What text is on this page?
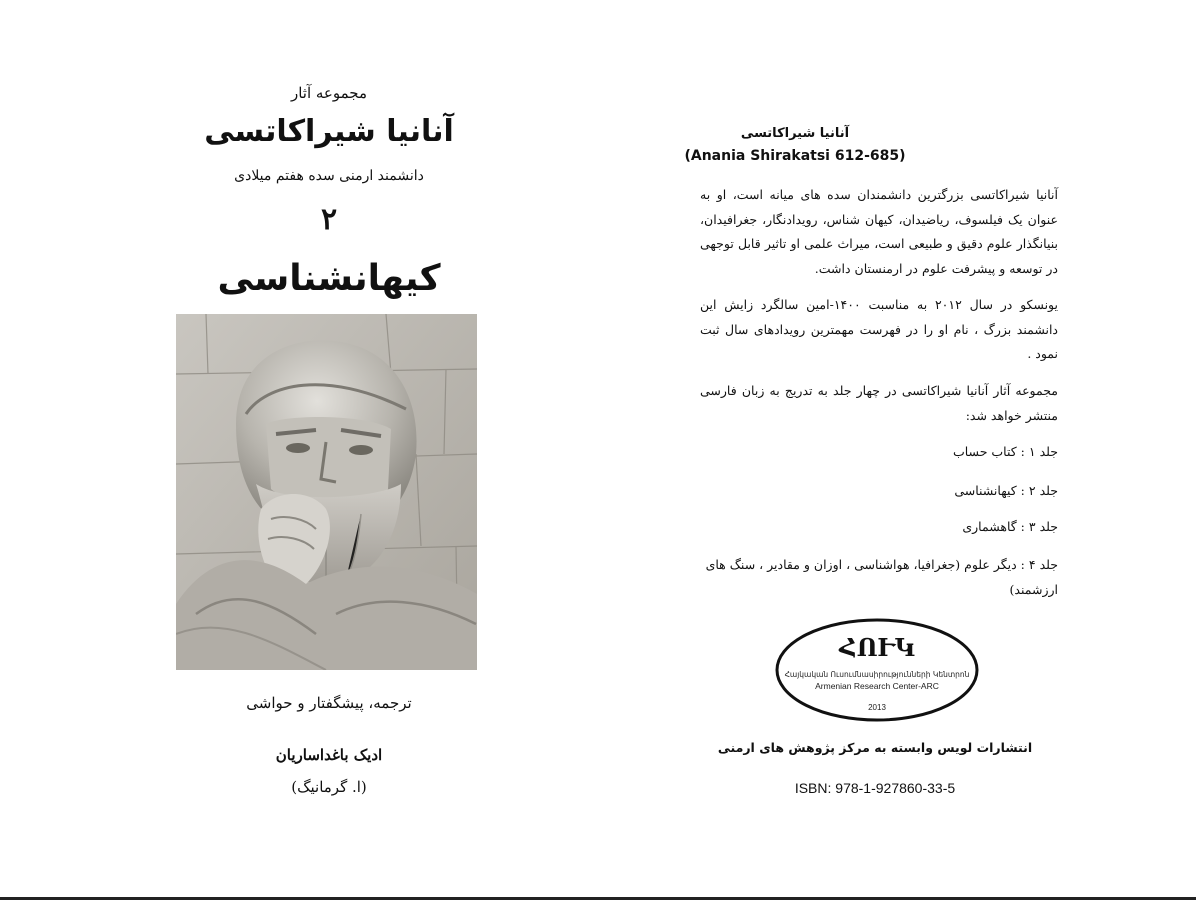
مجموعه آثار
آنانیا شیراکاتسی
دانشمند ارمنی سده هفتم میلادی
۲
کیهانشناسی
ترجمه، پیشگفتار و حواشی
ادیک باغداساریان
(ا. گرمانیگ)
آنانیا شیراکاتسی
(Anania Shirakatsi 612-685)
آنانیا شیراکاتسی بزرگترین دانشمندان سده های میانه است، او به عنوان یک فیلسوف، ریاضیدان، کیهان شناس، رویدادنگار، جغرافیدان، بنیانگذار علوم دقیق و طبیعی است، میراث علمی او تاثیر قابل توجهی در توسعه و پیشرفت علوم در ارمنستان داشت.
یونسکو در سال ۲۰۱۲ به مناسبت ۱۴۰۰-امین سالگرد زایش این دانشمند بزرگ ، نام او را در فهرست مهمترین رویدادهای سال ثبت نمود .
مجموعه آثار آنانیا شیراکاتسی در چهار جلد به تدریج به زبان فارسی منتشر خواهد شد:
جلد ۱ : کتاب حساب
جلد ۲ : کیهانشناسی
جلد ۳ : گاهشماری
جلد ۴ : دیگر علوم (جغرافیا، هواشناسی ، اوزان و مقادیر ، سنگ های ارزشمند)
ՀՈՒԿ
Հայկական Ուսումնասիրությունների Կենտրոն
Armenian Research Center-ARC
2013
انتشارات لویس وابسته به مرکز پژوهش های ارمنی
ISBN: 978-1-927860-33-5
